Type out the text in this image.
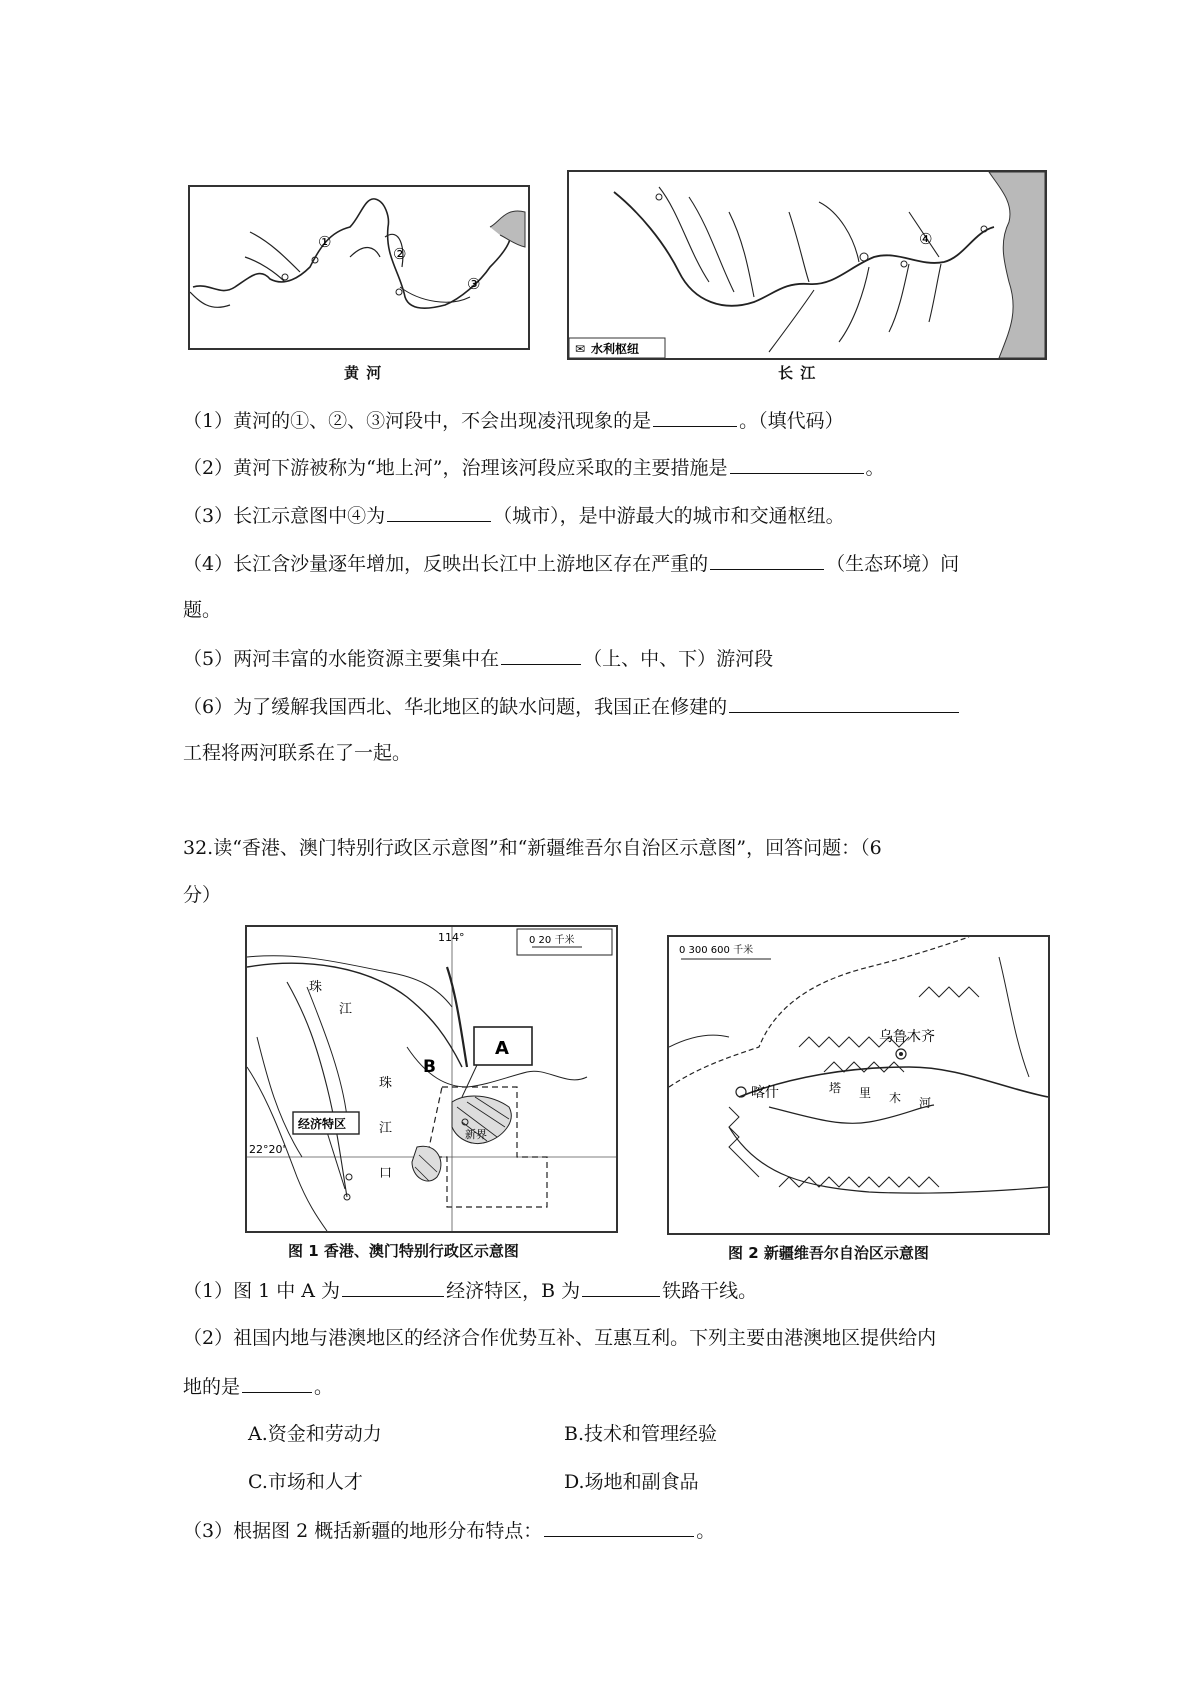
①
②
③
黄 河
④
✉ 水利枢纽
长 江
（1）黄河的①、②、③河段中，不会出现凌汛现象的是	。（填代码）
（2）黄河下游被称为“地上河”，治理该河段应采取的主要措施是	。
（3）长江示意图中④为	（城市），是中游最大的城市和交通枢纽。
（4）长江含沙量逐年增加，反映出长江中上游地区存在严重的	（生态环境）问
题。
（5）两河丰富的水能资源主要集中在	（上、中、下）游河段
（6）为了缓解我国西北、华北地区的缺水问题，我国正在修建的
工程将两河联系在了一起。
32.读“香港、澳门特别行政区示意图”和“新疆维吾尔自治区示意图”，回答问题：（6
分）
A
B
经济特区
114°
22°20'
0 20 千米
珠
江
珠
江
口
新界
图 1 香港、澳门特别行政区示意图
乌鲁木齐
喀什	塔 里 木 河
0 300 600 千米
图 2 新疆维吾尔自治区示意图
（1）图 1 中 A 为	经济特区，B 为	铁路干线。
（2）祖国内地与港澳地区的经济合作优势互补、互惠互利。下列主要由港澳地区提供给内
地的是	。
A.资金和劳动力	B.技术和管理经验
C.市场和人才	D.场地和副食品
（3）根据图 2 概括新疆的地形分布特点：	。
